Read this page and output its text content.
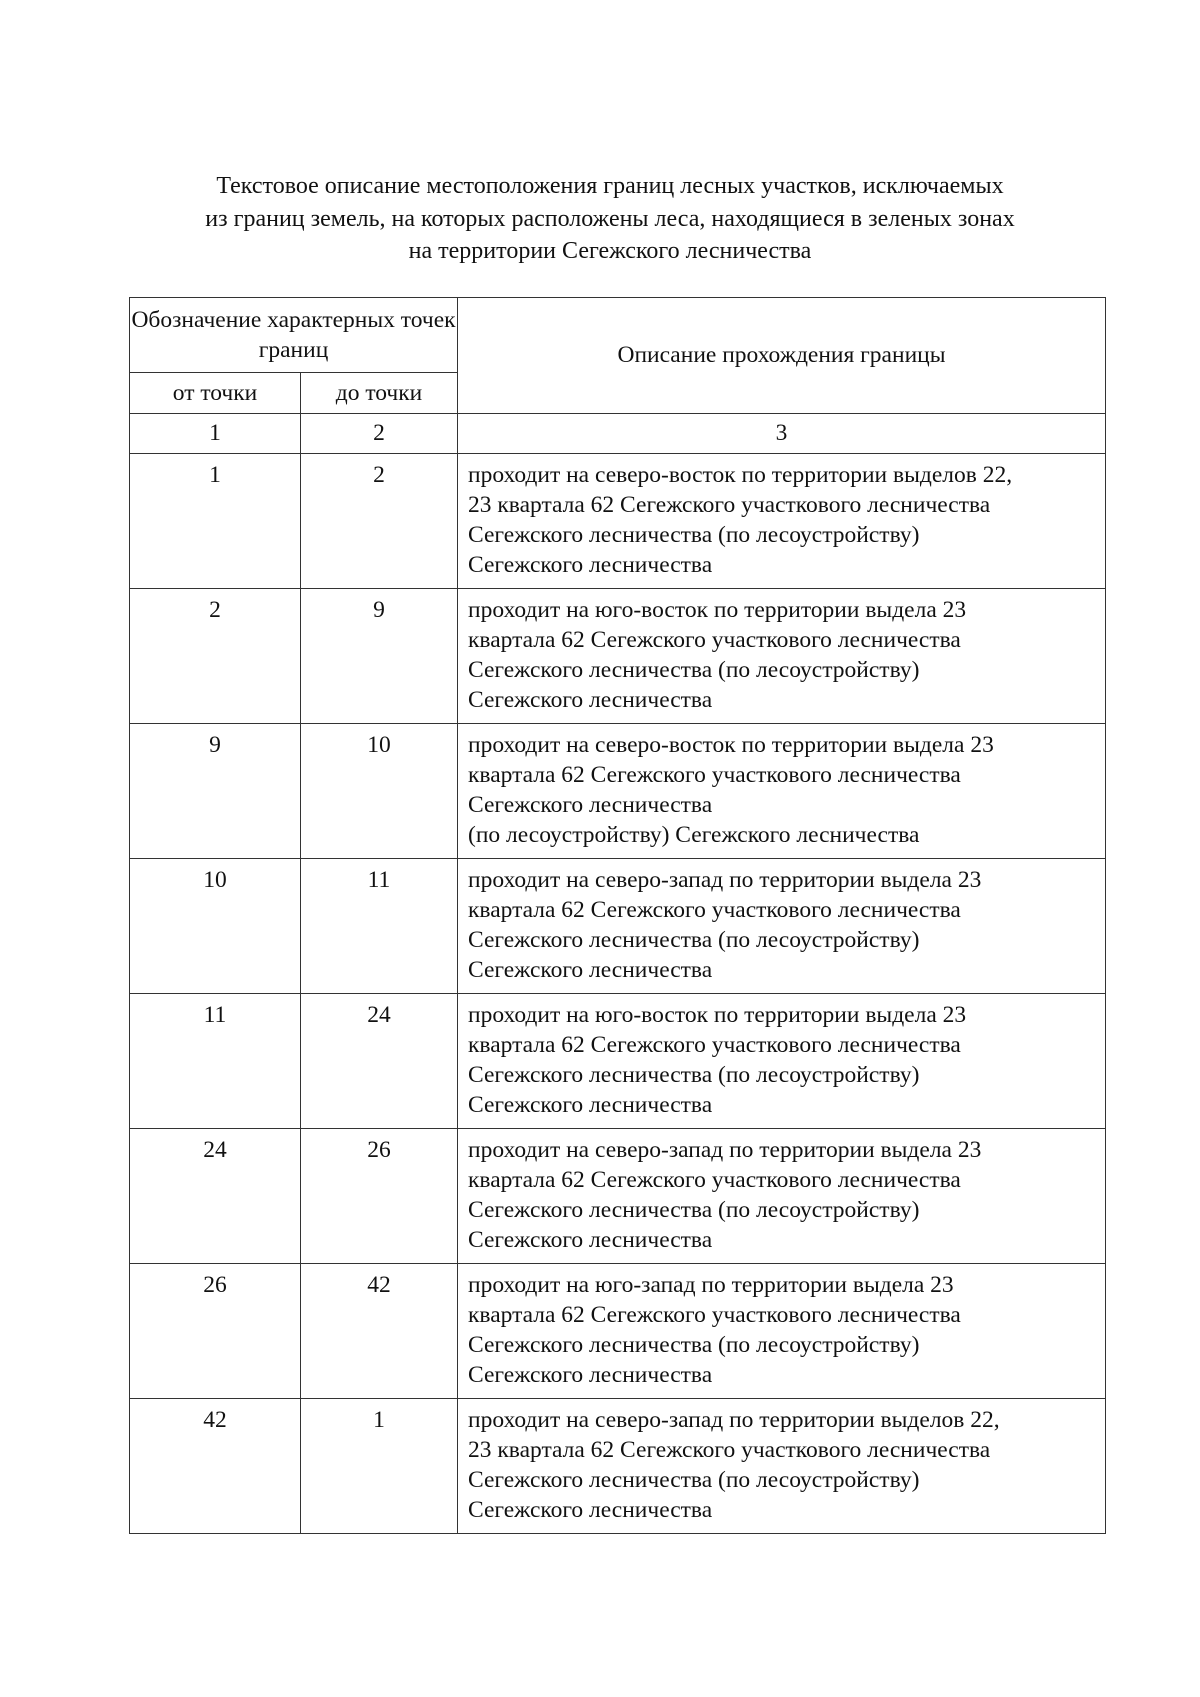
Текстовое описание местоположения границ лесных участков, исключаемых
из границ земель, на которых расположены леса, находящиеся в зеленых зонах
на территории Сегежского лесничества
Обозначение характерных точек границ		Описание прохождения границы
от точки	до точки	
1	2	3
1	2	проходит на северо-восток по территории выделов 22,
23 квартала 62 Сегежского участкового лесничества
Сегежского лесничества (по лесоустройству)
Сегежского лесничества

2	9	проходит на юго-восток по территории выдела 23
квартала 62 Сегежского участкового лесничества
Сегежского лесничества (по лесоустройству)
Сегежского лесничества

9	10	проходит на северо-восток по территории выдела 23
квартала 62 Сегежского участкового лесничества
Сегежского лесничества
(по лесоустройству) Сегежского лесничества

10	11	проходит на северо-запад по территории выдела 23
квартала 62 Сегежского участкового лесничества
Сегежского лесничества (по лесоустройству)
Сегежского лесничества

11	24	проходит на юго-восток по территории выдела 23
квартала 62 Сегежского участкового лесничества
Сегежского лесничества (по лесоустройству)
Сегежского лесничества

24	26	проходит на северо-запад по территории выдела 23
квартала 62 Сегежского участкового лесничества
Сегежского лесничества (по лесоустройству)
Сегежского лесничества

26	42	проходит на юго-запад по территории выдела 23
квартала 62 Сегежского участкового лесничества
Сегежского лесничества (по лесоустройству)
Сегежского лесничества

42	1	проходит на северо-запад по территории выделов 22,
23 квартала 62 Сегежского участкового лесничества
Сегежского лесничества (по лесоустройству)
Сегежского лесничества
